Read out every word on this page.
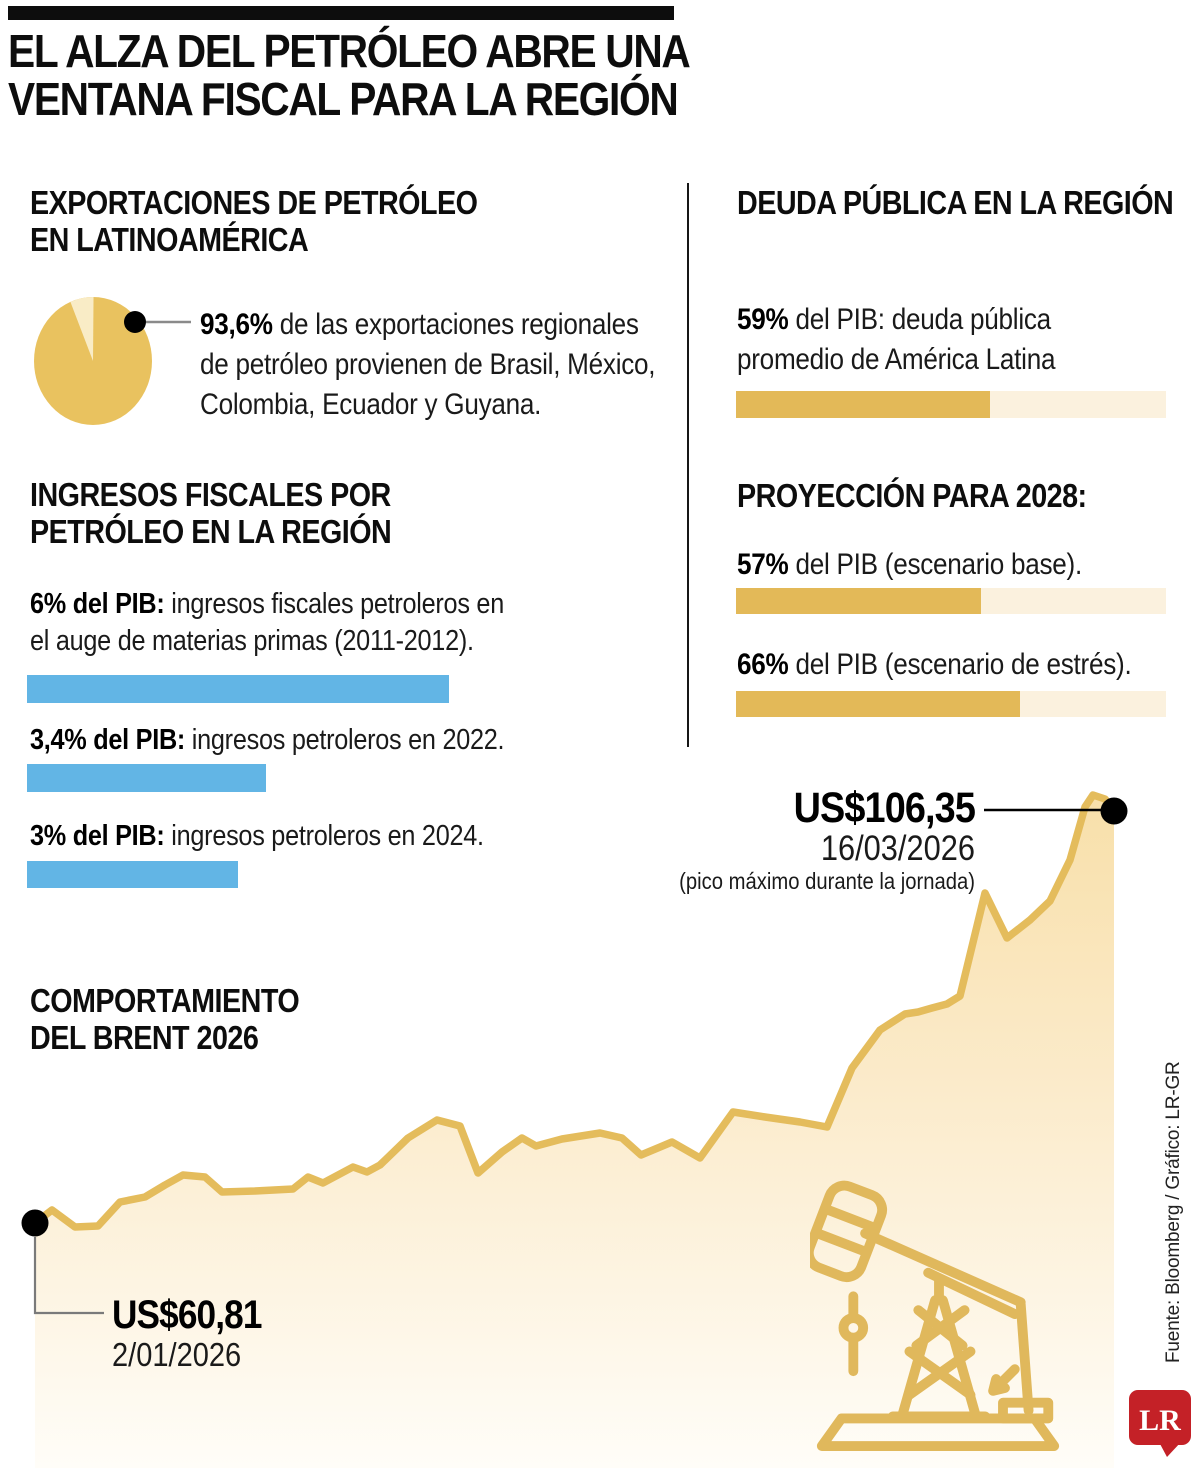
EL ALZA DEL PETRÓLEO ABRE UNA
VENTANA FISCAL PARA LA REGIÓN
EXPORTACIONES DE PETRÓLEO
EN LATINOAMÉRICA
93,6% de las exportaciones regionales
de petróleo provienen de Brasil, México,
Colombia, Ecuador y Guyana.
INGRESOS FISCALES POR
PETRÓLEO EN LA REGIÓN
6% del PIB: ingresos fiscales petroleros en
el auge de materias primas (2011-2012).
3,4% del PIB: ingresos petroleros en 2022.
3% del PIB: ingresos petroleros en 2024.
DEUDA PÚBLICA EN LA REGIÓN
59% del PIB: deuda pública
promedio de América Latina
PROYECCIÓN PARA 2028:
57% del PIB (escenario base).
66% del PIB (escenario de estrés).
COMPORTAMIENTO
DEL BRENT 2026
US$106,35
16/03/2026
(pico máximo durante la jornada)
US$60,81
2/01/2026	Fuente: Bloomberg / Gráfico: LR-GR
LR
